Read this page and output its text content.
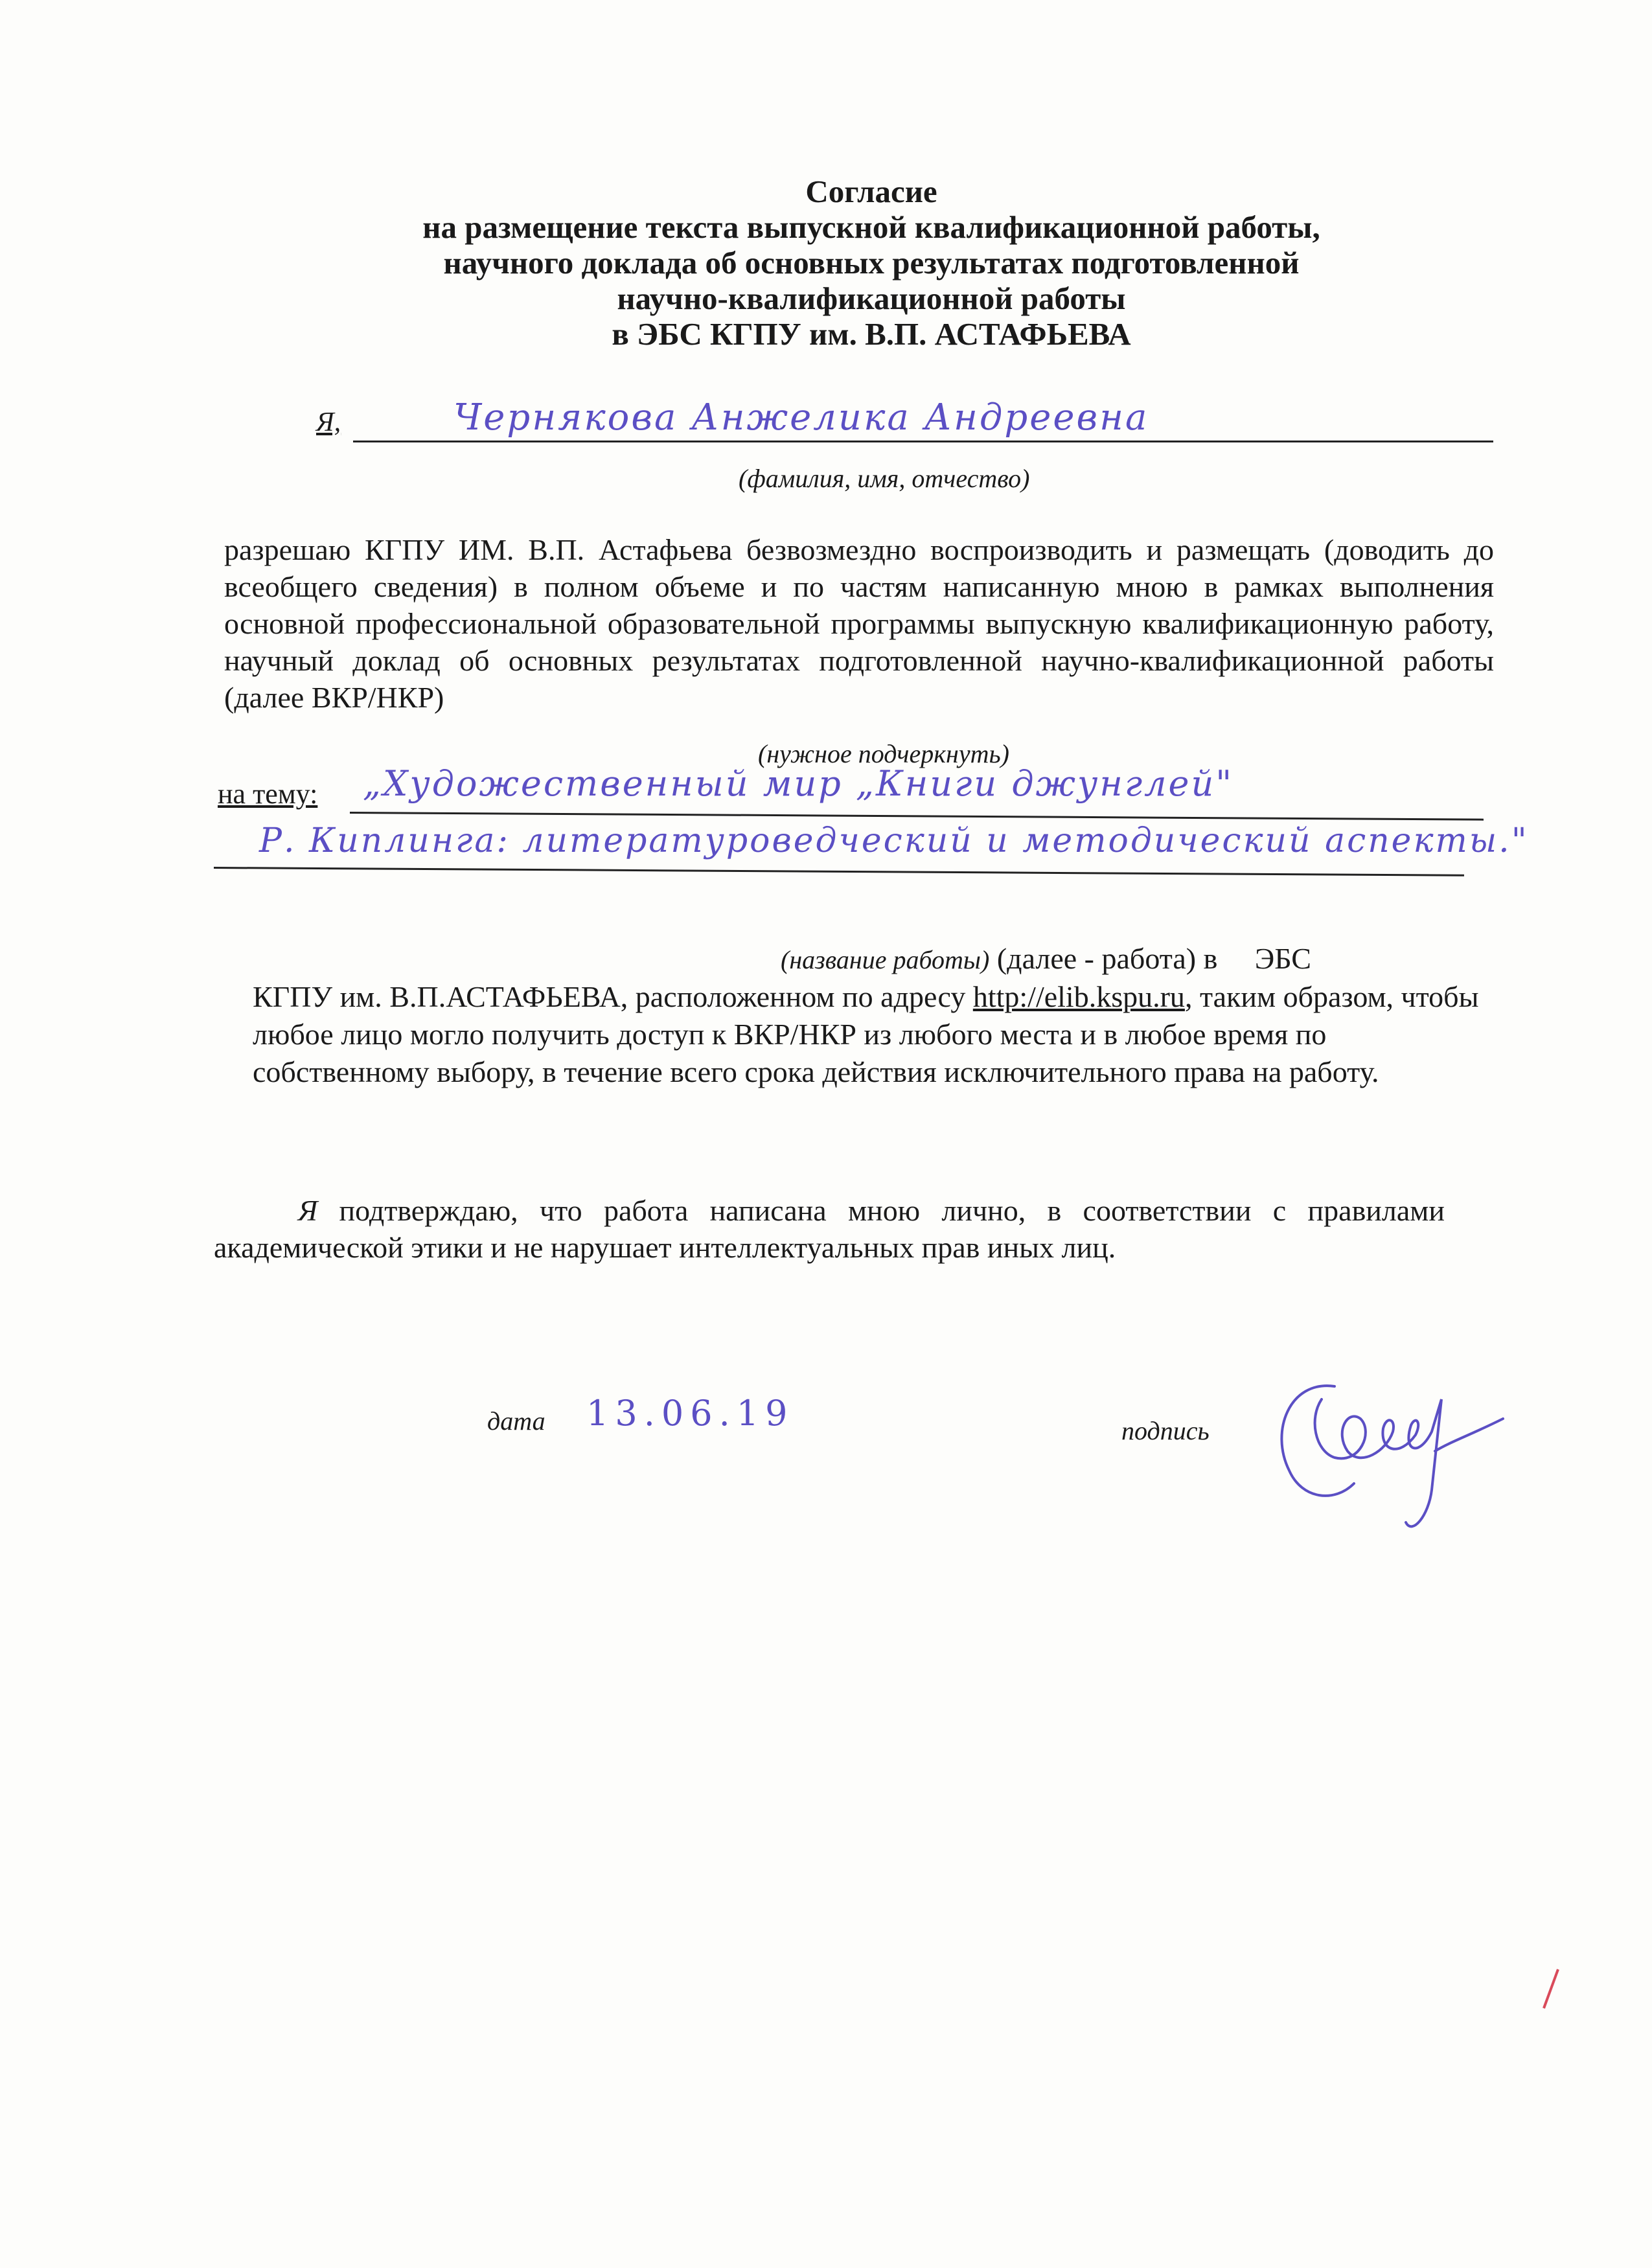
Согласие
на размещение текста выпускной квалификационной работы,
научного доклада об основных результатах подготовленной
научно-квалификационной работы
в ЭБС КГПУ им. В.П. АСТАФЬЕВА
Я,	Чернякова Анжелика Андреевна
(фамилия, имя, отчество)
разрешаю КГПУ ИМ. В.П. Астафьева безвозмездно воспроизводить и размещать (доводить до всеобщего сведения) в полном объеме и по частям написанную мною в рамках выполнения основной профессиональной образовательной программы выпускную квалификационную работу, научный доклад об основных результатах подготовленной научно-квалификационной работы (далее ВКР/НКР)
(нужное подчеркнуть)
на тему: „Художественный мир „Книги джунглей"
Р. Киплинга: литературоведческий и методический аспекты."
(название работы) (далее - работа) в     ЭБС
КГПУ им. В.П.АСТАФЬЕВА, расположенном по адресу http://elib.kspu.ru, таким образом, чтобы любое лицо могло получить доступ к ВКР/НКР из любого места и в любое время по собственному выбору, в течение всего срока действия исключительного права на работу.
Я подтверждаю, что работа написана мною лично, в соответствии с правилами академической этики и не нарушает интеллектуальных прав иных лиц.
дата 13.06.19	подпись
